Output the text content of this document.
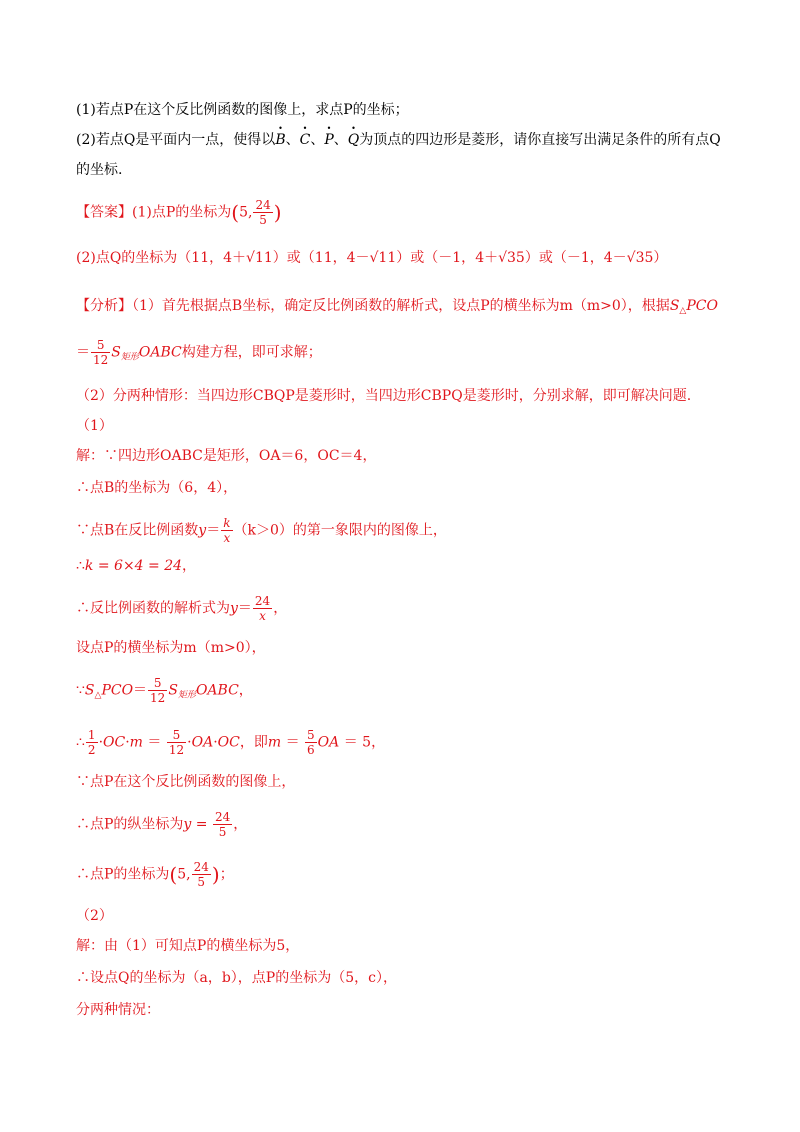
(1)若点P在这个反比例函数的图像上，求点P的坐标；
(2)若点Q是平面内一点，使得以• B、• C、• P、• Q为顶点的四边形是菱形，请你直接写出满足条件的所有点Q
的坐标.
【答案】(1)点P的坐标为(5, $\frac{24}{5}$ )
(2)点Q的坐标为（11，4＋√11）或（11，4－√11）或（－1，4＋√35）或（－1，4－√35）
【分析】（1）首先根据点B坐标，确定反比例函数的解析式，设点P的横坐标为m（m>0），根据$S_\triangle PCO$
＝ $\frac{5}{12}$ $S_{矩形}OABC$构建方程，即可求解；
（2）分两种情形：当四边形CBQP是菱形时，当四边形CBPQ是菱形时，分别求解，即可解决问题.
（1）
解：∵四边形OABC是矩形，OA＝6，OC＝4，
∴点B的坐标为（6，4），
∵点B在反比例函数$y= \frac{k}{x} (k>0)$的第一象限内的图像上，
∴k = 6×4 = 24，
∴反比例函数的解析式为$y= \frac{24}{x}$ ，
设点P的横坐标为m（m>0），
$\because S_\triangle PCO= \frac{5}{12}$ $S_{矩形}OABC$，
∴ $\frac{1}{2} \cdot OC\cdot m = \frac{5}{12} \cdot OA\cdot OC$，即$m = \frac{5}{6}$ OA ＝ 5，
∵点P在这个反比例函数的图像上，
∴点P的纵坐标为$y = \frac{24}{5}$ ，
∴点P的坐标为(5, $\frac{24}{5}$ )；
（2）
解：由（1）可知点P的横坐标为5，
∴设点Q的坐标为（a，b），点P的坐标为（5，c），
分两种情况：
